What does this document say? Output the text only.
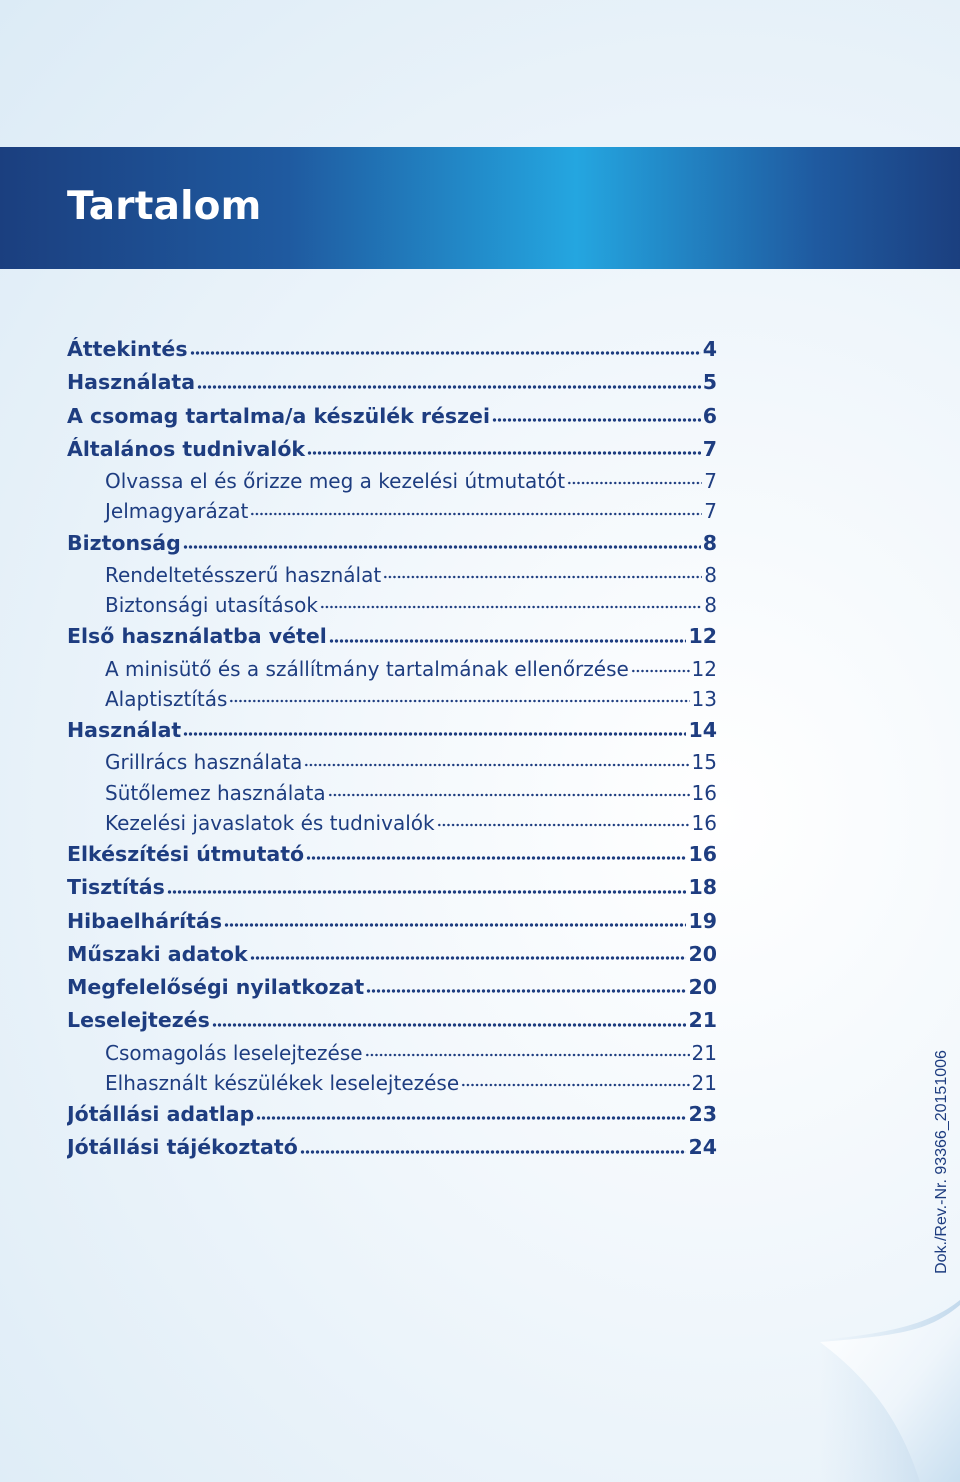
Tartalom
Áttekintés	4
Használata	5
A csomag tartalma/a készülék részei	6
Általános tudnivalók	7
Olvassa el és őrizze meg a kezelési útmutatót	7
Jelmagyarázat	7
Biztonság	8
Rendeltetésszerű használat	8
Biztonsági utasítások	8
Első használatba vétel	12
A minisütő és a szállítmány tartalmának ellenőrzése	12
Alaptisztítás	13
Használat	14
Grillrács használata	15
Sütőlemez használata	16
Kezelési javaslatok és tudnivalók	16
Elkészítési útmutató	16
Tisztítás	18
Hibaelhárítás	19
Műszaki adatok	20
Megfelelőségi nyilatkozat	20
Leselejtezés	21
Csomagolás leselejtezése	21
Elhasznált készülékek leselejtezése	21
Jótállási adatlap	23
Jótállási tájékoztató	24	Dok./Rev.-Nr. 93366_20151006
